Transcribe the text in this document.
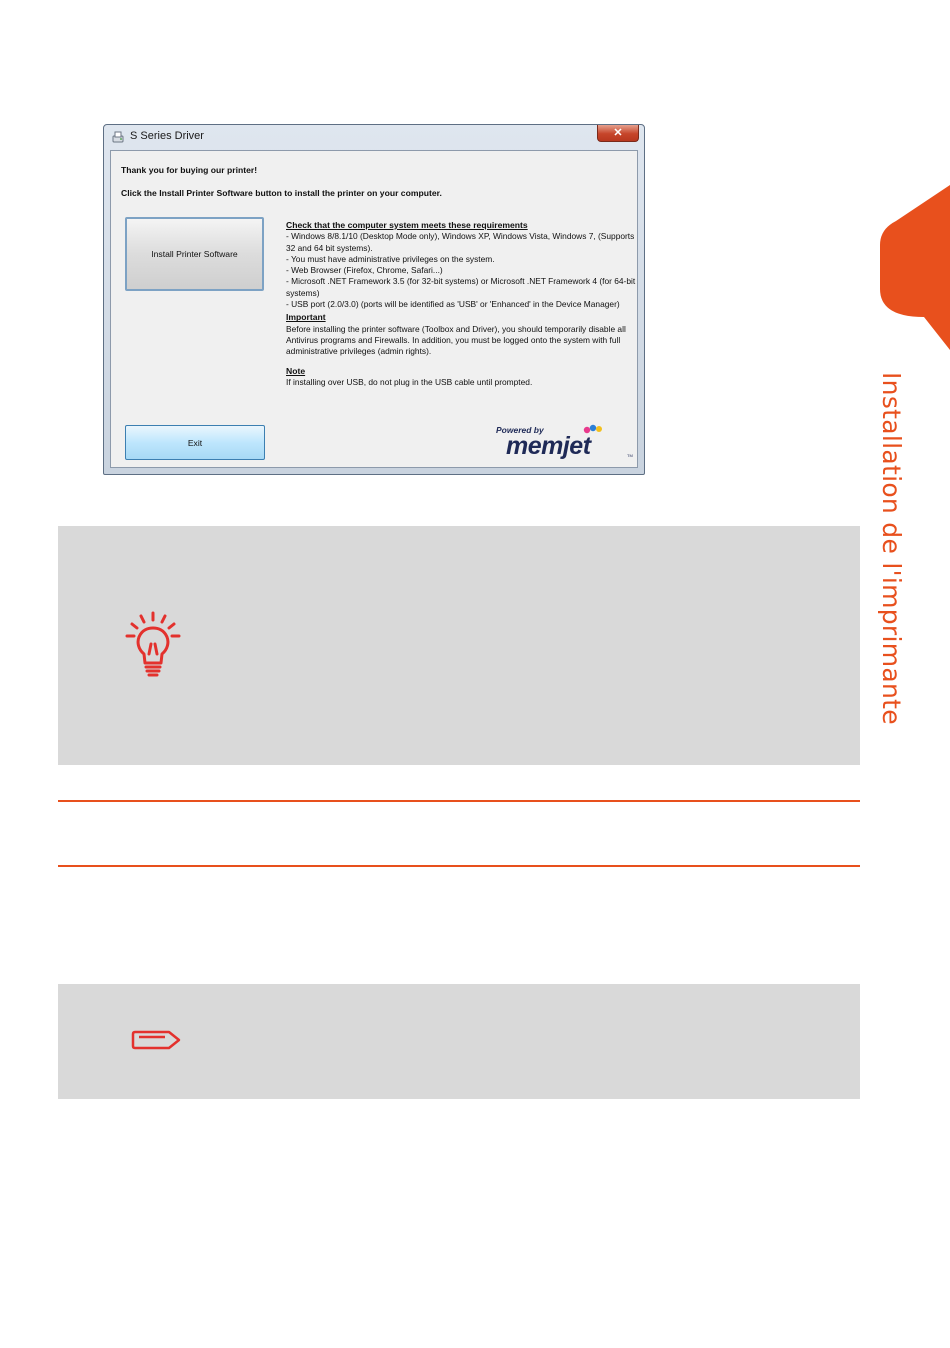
Installation de l'imprimante
S Series Driver	✕
Thank you for buying our printer!
Click the Install Printer Software button to install the printer on your computer.
Install Printer Software
Check that the computer system meets these requirements
- Windows 8/8.1/10 (Desktop Mode only), Windows XP, Windows Vista, Windows 7, (Supports 32 and 64 bit systems).
- You must have administrative privileges on the system.
- Web Browser (Firefox, Chrome, Safari...)
- Microsoft .NET Framework 3.5 (for 32-bit systems) or Microsoft .NET Framework 4 (for 64-bit systems)
- USB port (2.0/3.0) (ports will be identified as 'USB' or 'Enhanced' in the Device Manager)
Important
Before installing the printer software (Toolbox and Driver), you should temporarily disable all Antivirus programs and Firewalls. In addition, you must be logged onto the system with full administrative privileges (admin rights).
Note
If installing over USB, do not plug in the USB cable until prompted.
Exit
Powered by
memjet	TM
